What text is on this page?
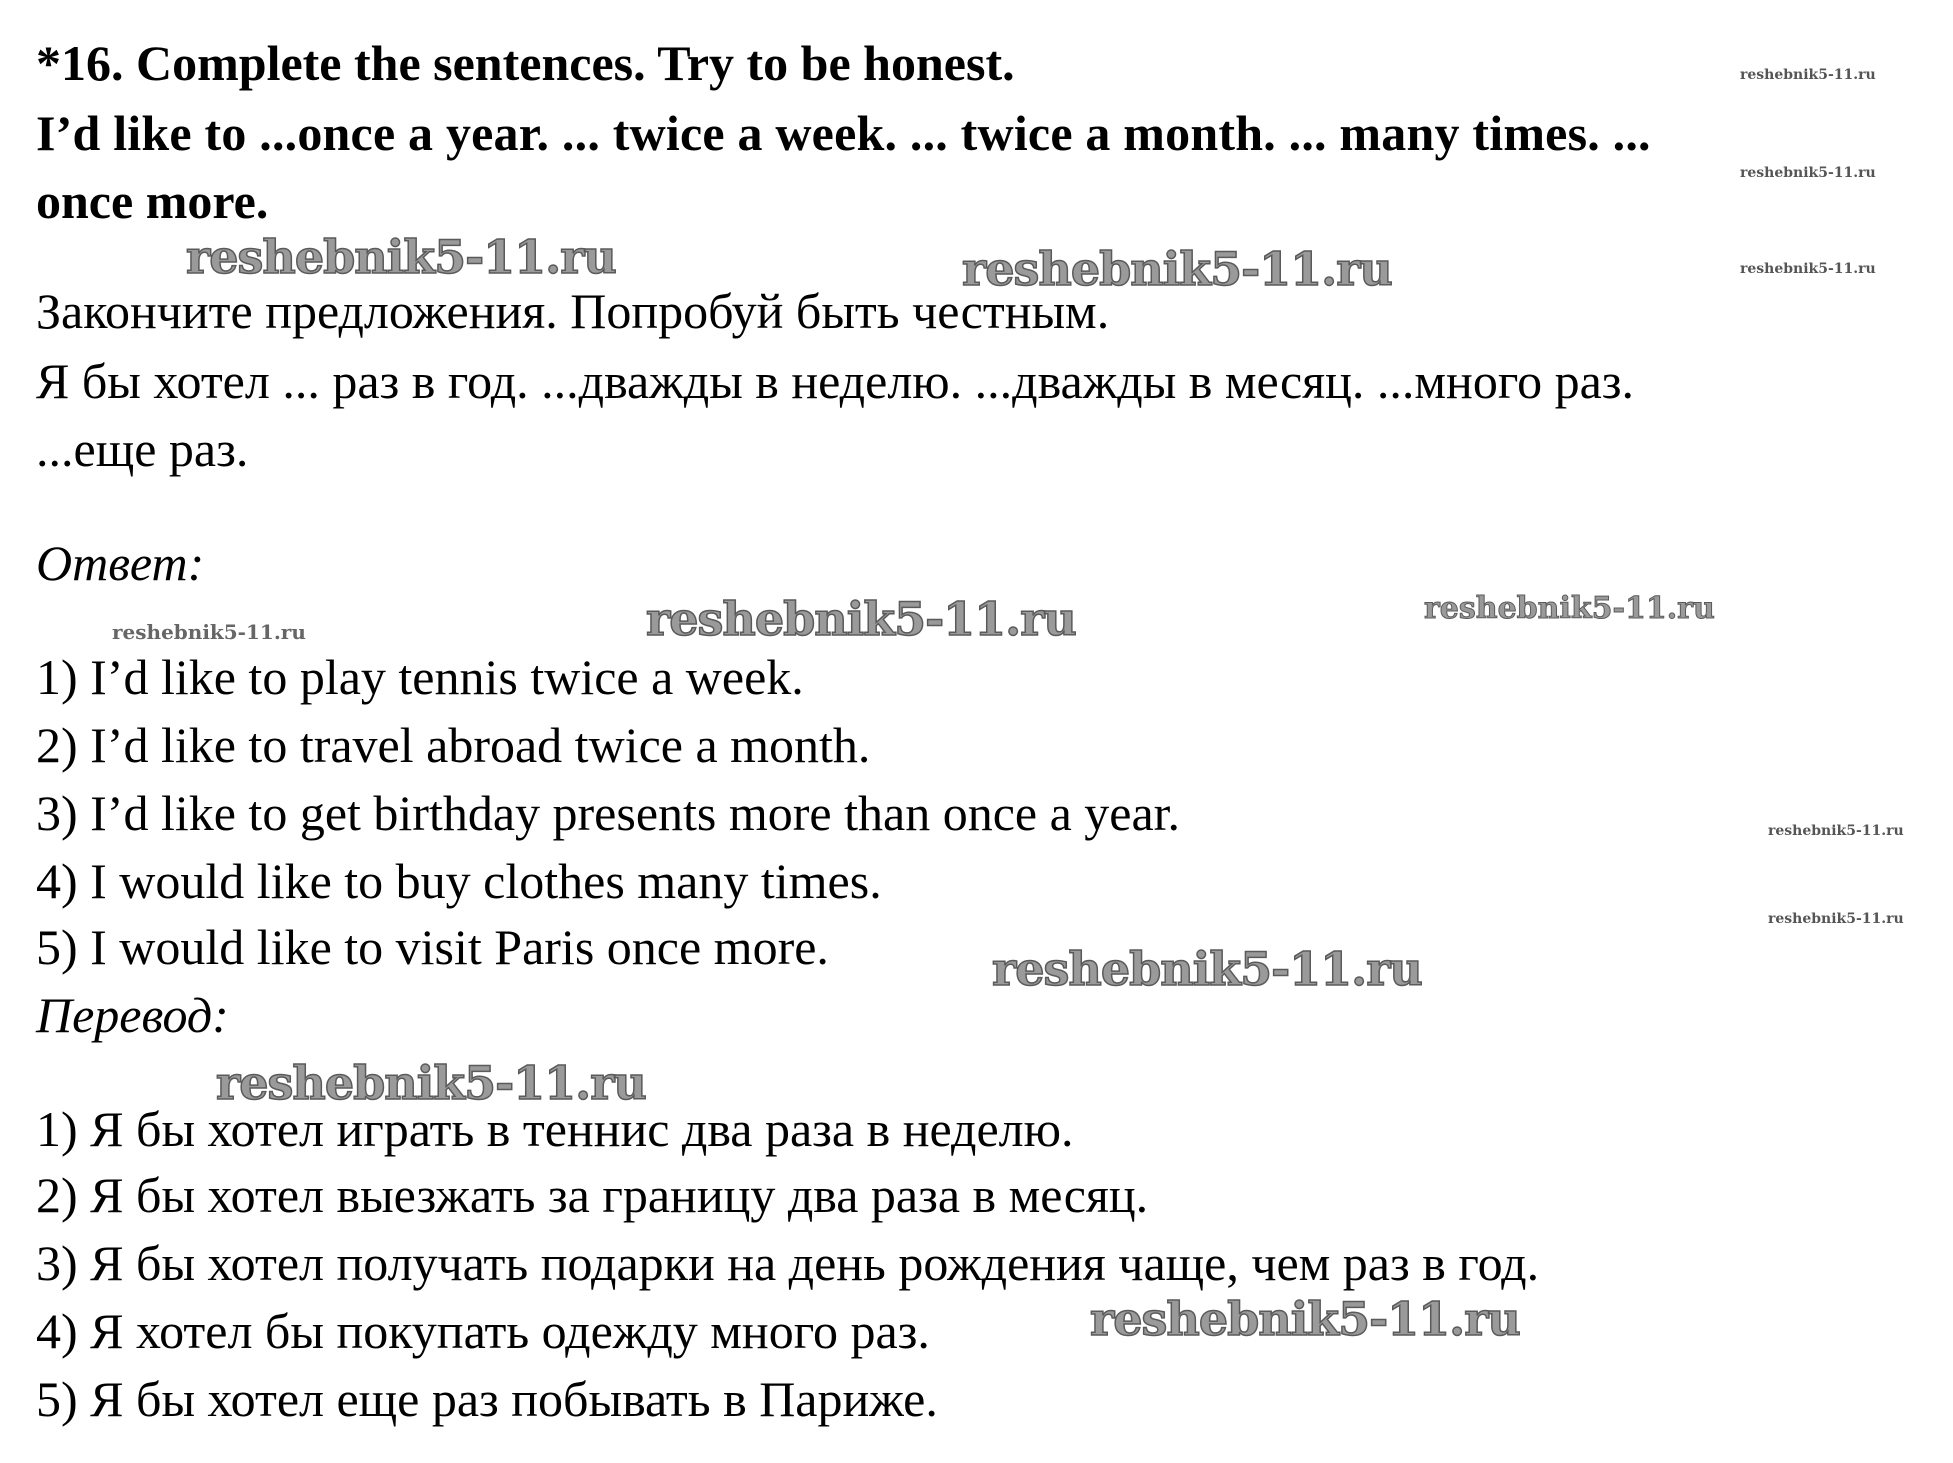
*16. Complete the sentences. Try to be honest.
I’d like to ...once a year. ... twice a week. ... twice a month. ... many times. ...
once more.
Закончите предложения. Попробуй быть честным.
Я бы хотел ... раз в год. ...дважды в неделю. ...дважды в месяц. ...много раз.
...еще раз.
Ответ:
1) I’d like to play tennis twice a week.
2) I’d like to travel abroad twice a month.
3) I’d like to get birthday presents more than once a year.
4) I would like to buy clothes many times.
5) I would like to visit Paris once more.
Перевод:
1) Я бы хотел играть в теннис два раза в неделю.
2) Я бы хотел выезжать за границу два раза в месяц.
3) Я бы хотел получать подарки на день рождения чаще, чем раз в год.
4) Я хотел бы покупать одежду много раз.
5) Я бы хотел еще раз побывать в Париже.
reshebnik5-11.ru
reshebnik5-11.ru
reshebnik5-11.ru
reshebnik5-11.ru	reshebnik5-11.ru
reshebnik5-11.ru	reshebnik5-11.ru	reshebnik5-11.ru
reshebnik5-11.ru
reshebnik5-11.ru
reshebnik5-11.ru
reshebnik5-11.ru
reshebnik5-11.ru
